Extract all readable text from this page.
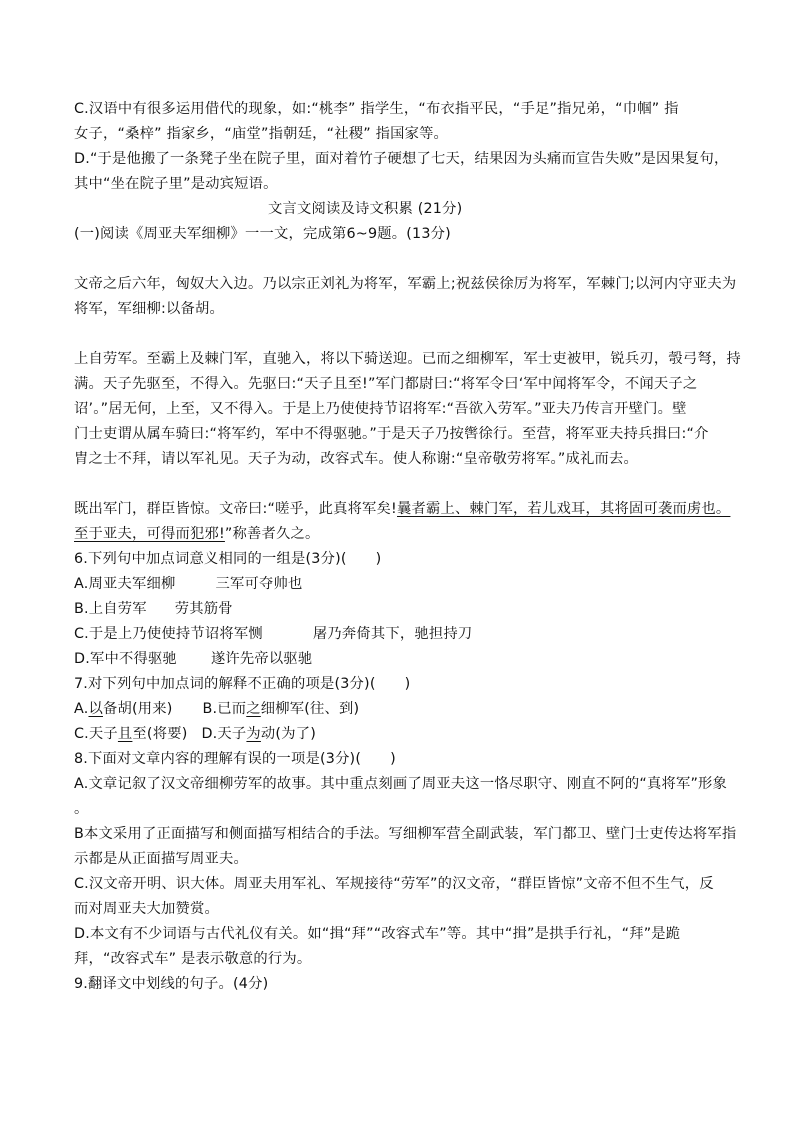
C.汉语中有很多运用借代的现象，如:“桃李” 指学生，“布衣指平民，“手足”指兄弟，“巾帼” 指
女子，“桑梓” 指家乡，“庙堂”指朝廷，“社稷” 指国家等。
D.“于是他搬了一条凳子坐在院子里，面对着竹子硬想了七天，结果因为头痛而宣告失败”是因果复句，
其中“坐在院子里”是动宾短语。
文言文阅读及诗文积累 (21分)
(一)阅读《周亚夫军细柳》一一文，完成第6~9题。(13分)
文帝之后六年，匈奴大入边。乃以宗正刘礼为将军，军霸上;祝兹侯徐厉为将军，军棘门;以河内守亚夫为
将军，军细柳:以备胡。
上自劳军。至霸上及棘门军，直驰入，将以下骑送迎。已而之细柳军，军士吏被甲，锐兵刃，彀弓弩，持
满。天子先驱至，不得入。先驱曰:“天子且至!”军门都尉曰:“将军令曰‘军中闻将军令，不闻天子之
诏’。”居无何，上至，又不得入。于是上乃使使持节诏将军:“吾欲入劳军。”亚夫乃传言开壁门。壁
门士吏谓从属车骑曰:“将军约，军中不得驱驰。”于是天子乃按辔徐行。至营，将军亚夫持兵揖曰:“介
胄之士不拜，请以军礼见。天子为动，改容式车。使人称谢:“皇帝敬劳将军。”成礼而去。
既出军门，群臣皆惊。文帝曰:“嗟乎，此真将军矣!曩者霸上、棘门军，若儿戏耳，其将固可袭而虏也。
至于亚夫，可得而犯邪!”称善者久之。
6.下列句中加点词意义相同的一组是(3分)(　　)
A.周亚夫军细柳	三军可夺帅也
B.上自劳军 劳其筋骨
C.于是上乃使使持节诏将军恻	屠乃奔倚其下，驰担持刀
D.军中不得驱驰 遂许先帝以驱驰
7.对下列句中加点词的解释不正确的项是(3分)(　　)
A.以备胡(用来) B.已而之细柳军(往、到)
C.天子且至(将要) D.天子为动(为了)
8.下面对文章内容的理解有误的一项是(3分)(　　)
A.文章记叙了汉文帝细柳劳军的故事。其中重点刻画了周亚夫这一恪尽职守、刚直不阿的“真将军”形象
。
B本文采用了正面描写和侧面描写相结合的手法。写细柳军营全副武装，军门都卫、壁门士吏传达将军指
示都是从正面描写周亚夫。
C.汉文帝开明、识大体。周亚夫用军礼、军规接待“劳军”的汉文帝，“群臣皆惊”文帝不但不生气，反
而对周亚夫大加赞赏。
D.本文有不少词语与古代礼仪有关。如“揖“拜”“改容式车”等。其中“揖”是拱手行礼，“拜”是跪
拜，“改容式车” 是表示敬意的行为。
9.翻译文中划线的句子。(4分)
